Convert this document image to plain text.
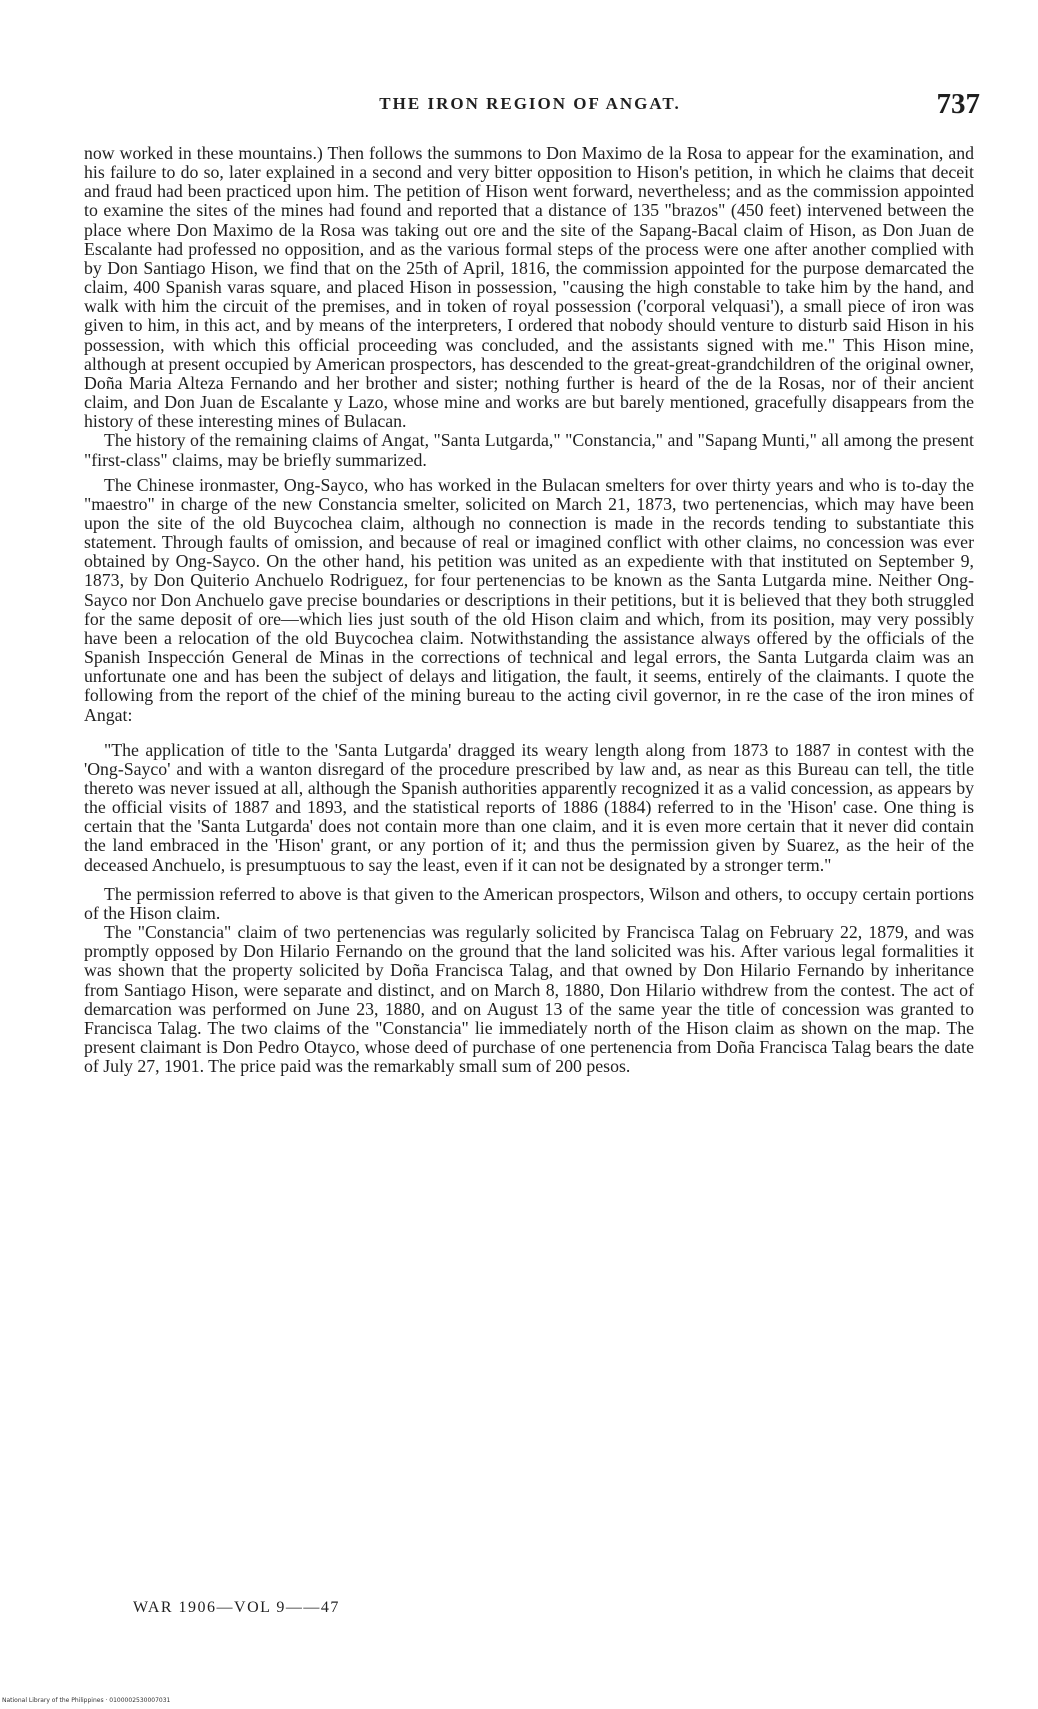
THE IRON REGION OF ANGAT.	737

now worked in these mountains.) Then follows the summons to Don Maximo de la Rosa to appear for the examination, and his failure to do so, later explained in a second and very bitter opposition to Hison's petition, in which he claims that deceit and fraud had been practiced upon him. The petition of Hison went forward, nevertheless; and as the commission appointed to examine the sites of the mines had found and reported that a distance of 135 "brazos" (450 feet) intervened between the place where Don Maximo de la Rosa was taking out ore and the site of the Sapang-Bacal claim of Hison, as Don Juan de Escalante had professed no opposition, and as the various formal steps of the process were one after another complied with by Don Santiago Hison, we find that on the 25th of April, 1816, the commission appointed for the purpose demarcated the claim, 400 Spanish varas square, and placed Hison in possession, "causing the high constable to take him by the hand, and walk with him the circuit of the premises, and in token of royal possession ('corporal velquasi'), a small piece of iron was given to him, in this act, and by means of the interpreters, I ordered that nobody should venture to disturb said Hison in his possession, with which this official proceeding was concluded, and the assistants signed with me." This Hison mine, although at present occupied by American prospectors, has descended to the great-great-grandchildren of the original owner, Doña Maria Alteza Fernando and her brother and sister; nothing further is heard of the de la Rosas, nor of their ancient claim, and Don Juan de Escalante y Lazo, whose mine and works are but barely mentioned, gracefully disappears from the history of these interesting mines of Bulacan.

The history of the remaining claims of Angat, "Santa Lutgarda," "Constancia," and "Sapang Munti," all among the present "first-class" claims, may be briefly summarized.

The Chinese ironmaster, Ong-Sayco, who has worked in the Bulacan smelters for over thirty years and who is to-day the "maestro" in charge of the new Constancia smelter, solicited on March 21, 1873, two pertenencias, which may have been upon the site of the old Buycochea claim, although no connection is made in the records tending to substantiate this statement. Through faults of omission, and because of real or imagined conflict with other claims, no concession was ever obtained by Ong-Sayco. On the other hand, his petition was united as an expediente with that instituted on September 9, 1873, by Don Quiterio Anchuelo Rodriguez, for four pertenencias to be known as the Santa Lutgarda mine. Neither Ong-Sayco nor Don Anchuelo gave precise boundaries or descriptions in their petitions, but it is believed that they both struggled for the same deposit of ore—which lies just south of the old Hison claim and which, from its position, may very possibly have been a relocation of the old Buycochea claim. Notwithstanding the assistance always offered by the officials of the Spanish Inspección General de Minas in the corrections of technical and legal errors, the Santa Lutgarda claim was an unfortunate one and has been the subject of delays and litigation, the fault, it seems, entirely of the claimants. I quote the following from the report of the chief of the mining bureau to the acting civil governor, in re the case of the iron mines of Angat:

"The application of title to the 'Santa Lutgarda' dragged its weary length along from 1873 to 1887 in contest with the 'Ong-Sayco' and with a wanton disregard of the procedure prescribed by law and, as near as this Bureau can tell, the title thereto was never issued at all, although the Spanish authorities apparently recognized it as a valid concession, as appears by the official visits of 1887 and 1893, and the statistical reports of 1886 (1884) referred to in the 'Hison' case. One thing is certain that the 'Santa Lutgarda' does not contain more than one claim, and it is even more certain that it never did contain the land embraced in the 'Hison' grant, or any portion of it; and thus the permission given by Suarez, as the heir of the deceased Anchuelo, is presumptuous to say the least, even if it can not be designated by a stronger term."

The permission referred to above is that given to the American prospectors, Wilson and others, to occupy certain portions of the Hison claim.

The "Constancia" claim of two pertenencias was regularly solicited by Francisca Talag on February 22, 1879, and was promptly opposed by Don Hilario Fernando on the ground that the land solicited was his. After various legal formalities it was shown that the property solicited by Doña Francisca Talag, and that owned by Don Hilario Fernando by inheritance from Santiago Hison, were separate and distinct, and on March 8, 1880, Don Hilario withdrew from the contest. The act of demarcation was performed on June 23, 1880, and on August 13 of the same year the title of concession was granted to Francisca Talag. The two claims of the "Constancia" lie immediately north of the Hison claim as shown on the map. The present claimant is Don Pedro Otayco, whose deed of purchase of one pertenencia from Doña Francisca Talag bears the date of July 27, 1901. The price paid was the remarkably small sum of 200 pesos.

WAR 1906—VOL 9——47
National Library of the Philippines · 0100002530007031
